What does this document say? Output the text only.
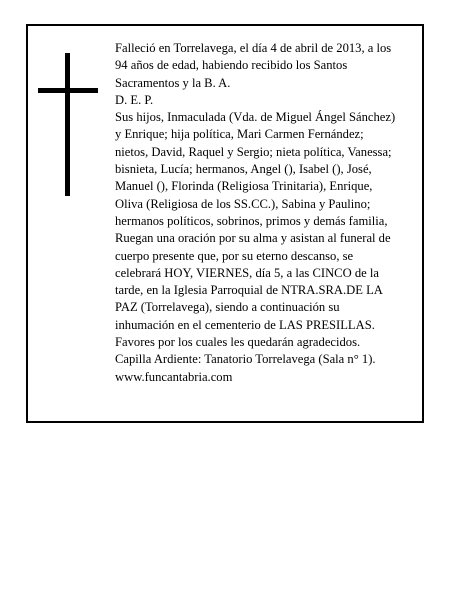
Falleció en Torrelavega, el día 4 de abril de 2013, a los
94 años de edad, habiendo recibido los Santos
Sacramentos y la B. A.

D. E. P.

Sus hijos, Inmaculada (Vda. de Miguel Ángel Sánchez)
y Enrique; hija política, Mari Carmen Fernández;
nietos, David, Raquel y Sergio; nieta política, Vanessa;
bisnieta, Lucía; hermanos, Angel (), Isabel (), José,
Manuel (), Florinda (Religiosa Trinitaria), Enrique,
Oliva (Religiosa de los SS.CC.), Sabina y Paulino;
hermanos políticos, sobrinos, primos y demás familia,

Ruegan una oración por su alma y asistan al funeral de
cuerpo presente que, por su eterno descanso, se
celebrará HOY, VIERNES, día 5, a las CINCO de la
tarde, en la Iglesia Parroquial de NTRA.SRA.DE LA
PAZ (Torrelavega), siendo a continuación su
inhumación en el cementerio de LAS PRESILLAS.

Favores por los cuales les quedarán agradecidos.

Capilla Ardiente: Tanatorio Torrelavega (Sala n° 1).

www.funcantabria.com
